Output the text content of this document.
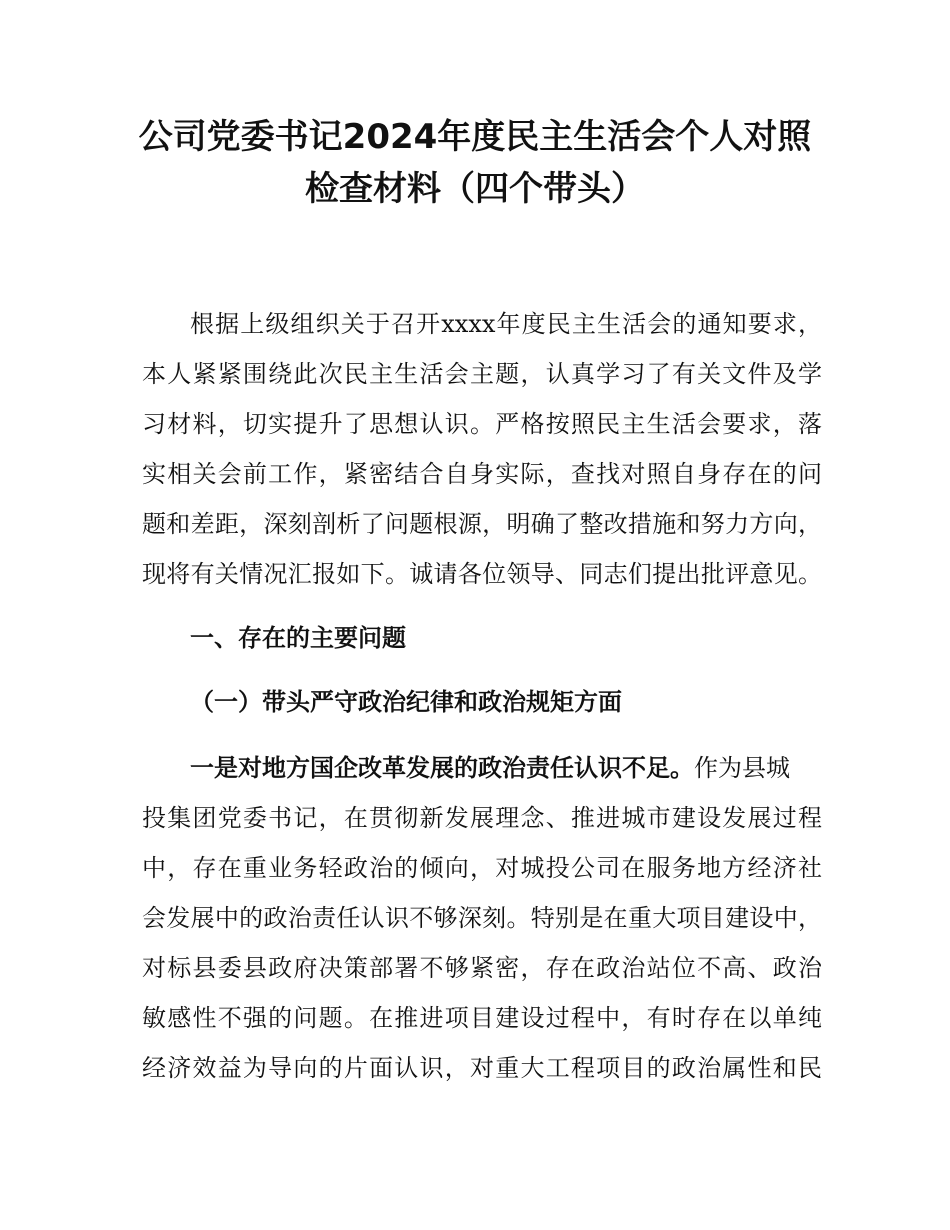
公司党委书记2024年度民主生活会个人对照
检查材料（四个带头）

根据上级组织关于召开xxxx年度民主生活会的通知要求，

本人紧紧围绕此次民主生活会主题，认真学习了有关文件及学

习材料，切实提升了思想认识。严格按照民主生活会要求，落

实相关会前工作，紧密结合自身实际，查找对照自身存在的问

题和差距，深刻剖析了问题根源，明确了整改措施和努力方向，

现将有关情况汇报如下。诚请各位领导、同志们提出批评意见。

一、存在的主要问题

（一）带头严守政治纪律和政治规矩方面

一是对地方国企改革发展的政治责任认识不足。作为县城

投集团党委书记，在贯彻新发展理念、推进城市建设发展过程

中，存在重业务轻政治的倾向，对城投公司在服务地方经济社

会发展中的政治责任认识不够深刻。特别是在重大项目建设中，

对标县委县政府决策部署不够紧密，存在政治站位不高、政治

敏感性不强的问题。在推进项目建设过程中，有时存在以单纯

经济效益为导向的片面认识，对重大工程项目的政治属性和民
